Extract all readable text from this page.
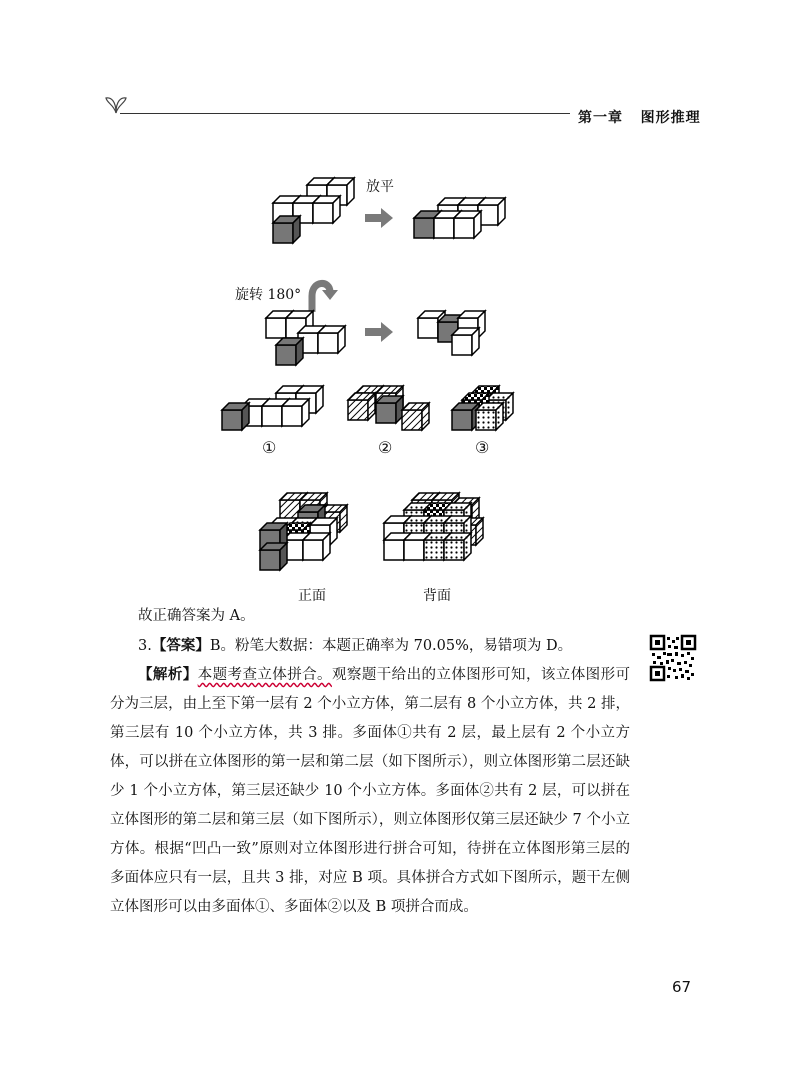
第一章 图形推理
放平
旋转 180°
①	②	③
正面	背面

故正确答案为 A。

3.【答案】B。粉笔大数据：本题正确率为 70.05%，易错项为 D。

【解析】本题考查立体拼合。观察题干给出的立体图形可知，该立体图形可分为三层，由上至下第一层有 2 个小立方体，第二层有 8 个小立方体，共 2 排，第三层有 10 个小立方体，共 3 排。多面体①共有 2 层，最上层有 2 个小立方体，可以拼在立体图形的第一层和第二层（如下图所示），则立体图形第二层还缺少 1 个小立方体，第三层还缺少 10 个小立方体。多面体②共有 2 层，可以拼在立体图形的第二层和第三层（如下图所示），则立体图形仅第三层还缺少 7 个小立方体。根据“凹凸一致”原则对立体图形进行拼合可知，待拼在立体图形第三层的多面体应只有一层，且共 3 排，对应 B 项。具体拼合方式如下图所示，题干左侧立体图形可以由多面体①、多面体②以及 B 项拼合而成。

67
